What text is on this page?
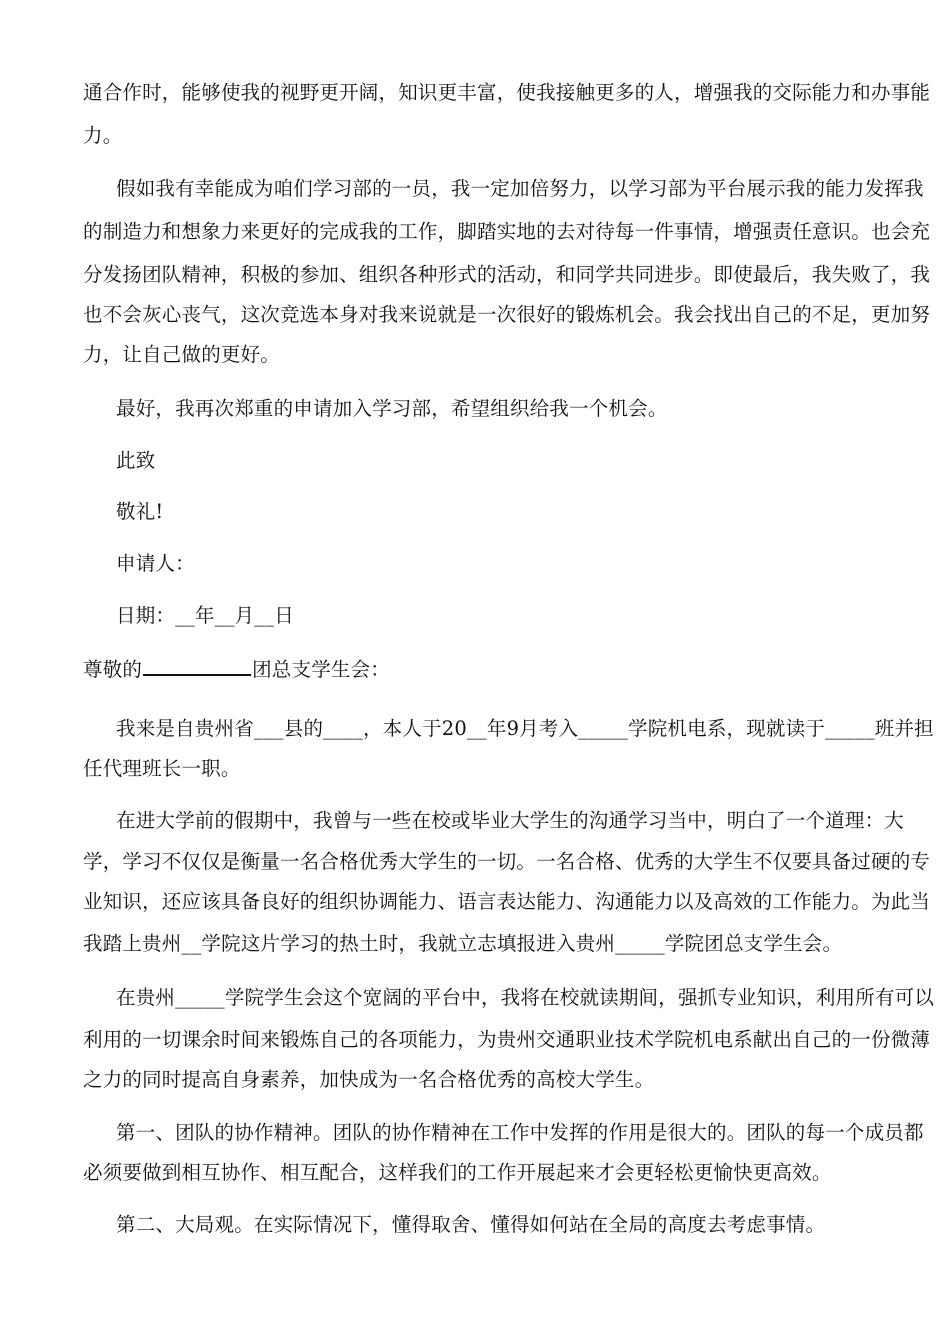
通合作时，能够使我的视野更开阔，知识更丰富，使我接触更多的人，增强我的交际能力和办事能
力。
假如我有幸能成为咱们学习部的一员，我一定加倍努力，以学习部为平台展示我的能力发挥我
的制造力和想象力来更好的完成我的工作，脚踏实地的去对待每一件事情，增强责任意识。也会充
分发扬团队精神，积极的参加、组织各种形式的活动，和同学共同进步。即使最后，我失败了，我
也不会灰心丧气，这次竞选本身对我来说就是一次很好的锻炼机会。我会找出自己的不足，更加努
力，让自己做的更好。
最好，我再次郑重的申请加入学习部，希望组织给我一个机会。
此致
敬礼!
申请人：
日期：__年__月__日
尊敬的	团总支学生会：
我来是自贵州省___县的____，本人于20__年9月考入_____学院机电系，现就读于_____班并担
任代理班长一职。
在进大学前的假期中，我曾与一些在校或毕业大学生的沟通学习当中，明白了一个道理：大
学，学习不仅仅是衡量一名合格优秀大学生的一切。一名合格、优秀的大学生不仅要具备过硬的专
业知识，还应该具备良好的组织协调能力、语言表达能力、沟通能力以及高效的工作能力。为此当
我踏上贵州__学院这片学习的热土时，我就立志填报进入贵州_____学院团总支学生会。
在贵州_____学院学生会这个宽阔的平台中，我将在校就读期间，强抓专业知识，利用所有可以
利用的一切课余时间来锻炼自己的各项能力，为贵州交通职业技术学院机电系献出自己的一份微薄
之力的同时提高自身素养，加快成为一名合格优秀的高校大学生。
第一、团队的协作精神。团队的协作精神在工作中发挥的作用是很大的。团队的每一个成员都
必须要做到相互协作、相互配合，这样我们的工作开展起来才会更轻松更愉快更高效。
第二、大局观。在实际情况下，懂得取舍、懂得如何站在全局的高度去考虑事情。
